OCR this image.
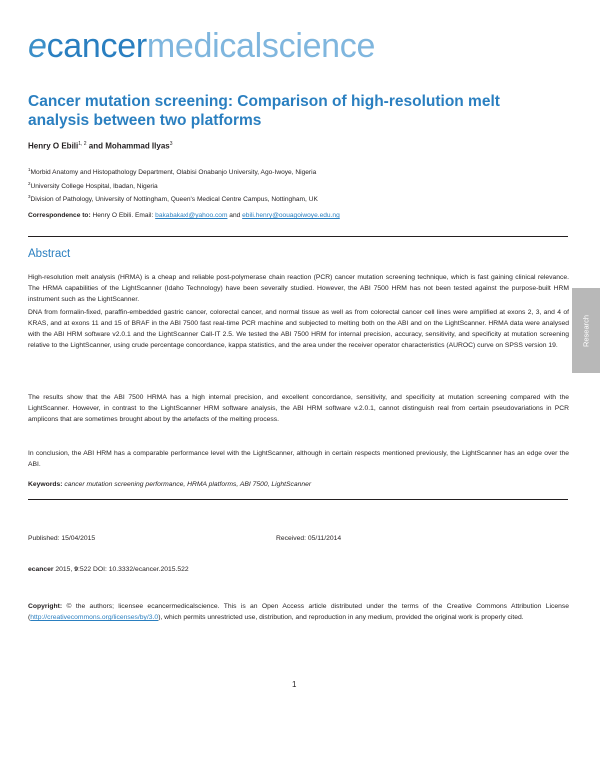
ecancermedicalscience
Cancer mutation screening: Comparison of high-resolution melt analysis between two platforms
Henry O Ebili$^{1, 2}$ and Mohammad Ilyas$^3$
$^1$Morbid Anatomy and Histopathology Department, Olabisi Onabanjo University, Ago-Iwoye, Nigeria
$^2$University College Hospital, Ibadan, Nigeria
$^3$Division of Pathology, University of Nottingham, Queen's Medical Centre Campus, Nottingham, UK
Correspondence to: Henry O Ebili. Email: bakabakaxl@yahoo.com and ebili.henry@oouagoiwoye.edu.ng
Abstract
High-resolution melt analysis (HRMA) is a cheap and reliable post-polymerase chain reaction (PCR) cancer mutation screening technique, which is fast gaining clinical relevance. The HRMA capabilities of the LightScanner (Idaho Technology) have been severally studied. However, the ABI 7500 HRM has not been tested against the purpose-built HRM instrument such as the LightScanner.
DNA from formalin-fixed, paraffin-embedded gastric cancer, colorectal cancer, and normal tissue as well as from colorectal cancer cell lines were amplified at exons 2, 3, and 4 of KRAS, and at exons 11 and 15 of BRAF in the ABI 7500 fast real-time PCR machine and subjected to melting both on the ABI and on the LightScanner. HRMA data were analysed with the ABI HRM software v2.0.1 and the LightScanner Call-IT 2.5. We tested the ABI 7500 HRM for internal precision, accuracy, sensitivity, and specificity at mutation screening relative to the LightScanner, using crude percentage concordance, kappa statistics, and the area under the receiver operator characteristics (AUROC) curve on SPSS version 19.
The results show that the ABI 7500 HRMA has a high internal precision, and excellent concordance, sensitivity, and specificity at mutation screening compared with the LightScanner. However, in contrast to the LightScanner HRM software analysis, the ABI HRM software v.2.0.1, cannot distinguish real from certain pseudovariations in PCR amplicons that are sometimes brought about by the artefacts of the melting process.
In conclusion, the ABI HRM has a comparable performance level with the LightScanner, although in certain respects mentioned previously, the LightScanner has an edge over the ABI.
Keywords: cancer mutation screening performance, HRMA platforms, ABI 7500, LightScanner
Published: 15/04/2015	Received: 05/11/2014
ecancer 2015, 9:522 DOI: 10.3332/ecancer.2015.522
Copyright: © the authors; licensee ecancermedicalscience. This is an Open Access article distributed under the terms of the Creative Commons Attribution License (http://creativecommons.org/licenses/by/3.0), which permits unrestricted use, distribution, and reproduction in any medium, provided the original work is properly cited.
1
Research
